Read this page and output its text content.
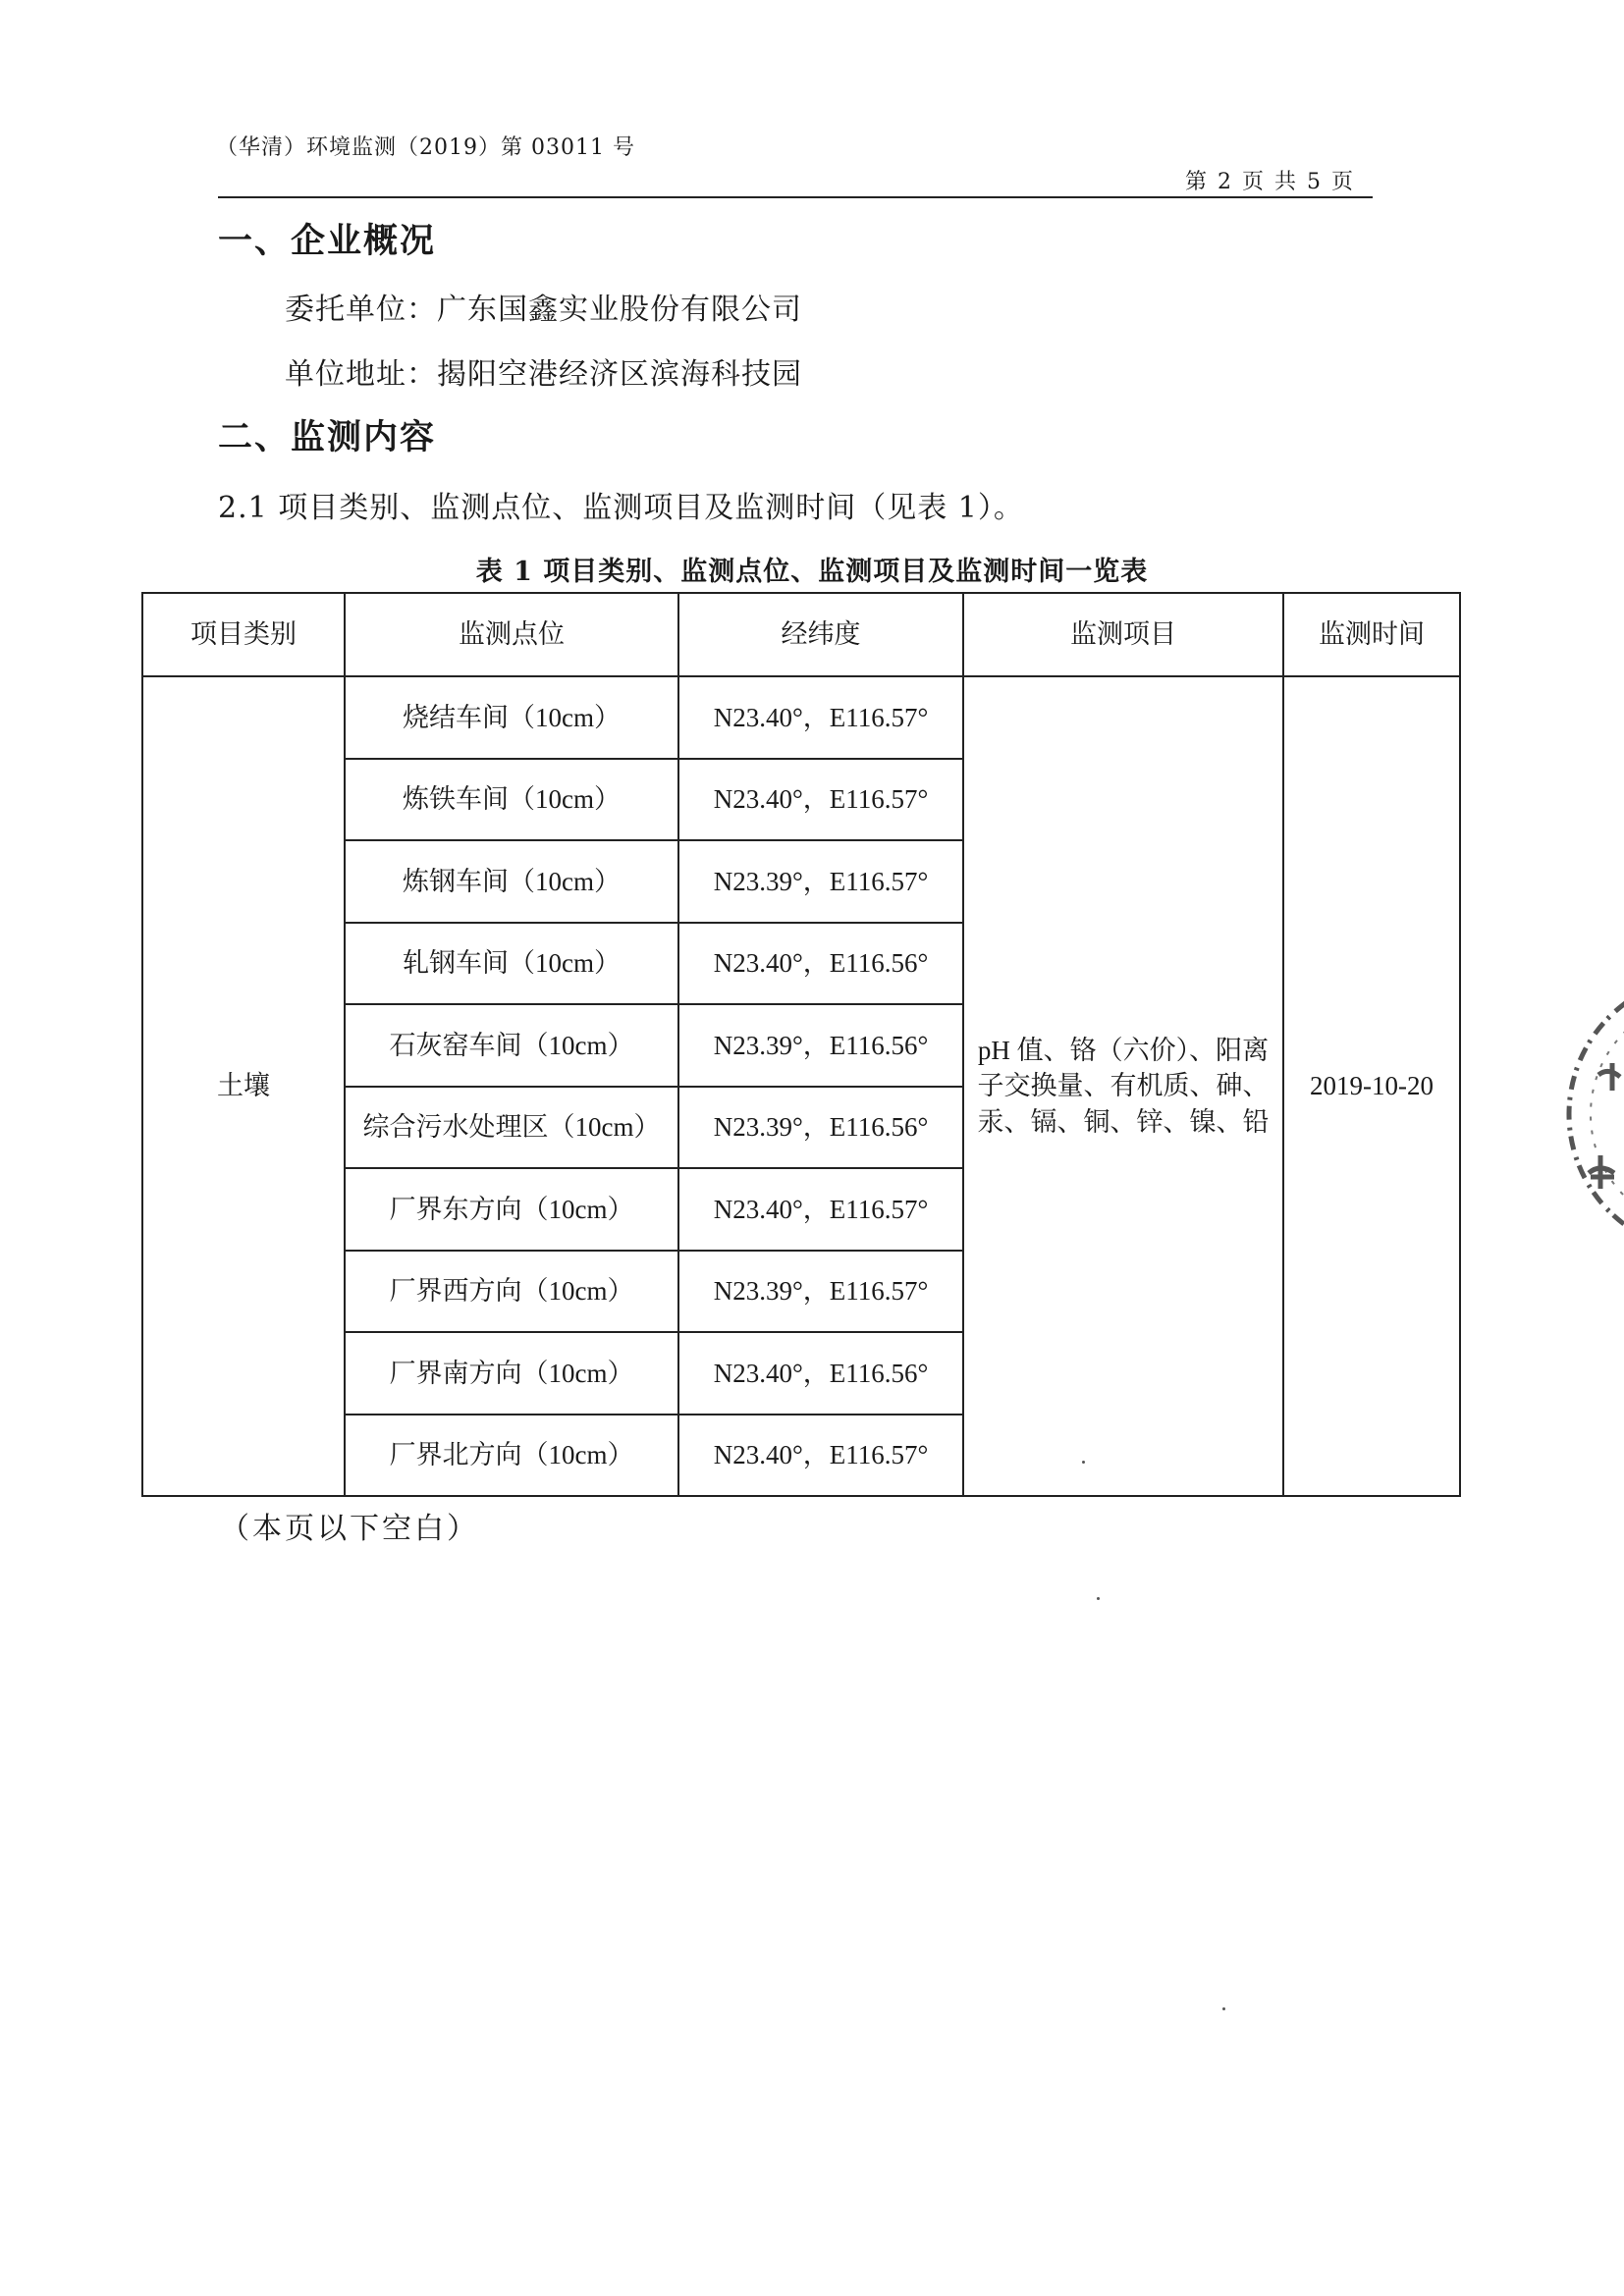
（华清）环境监测（2019）第 03011 号
第 2 页 共 5 页
一、企业概况
委托单位：广东国鑫实业股份有限公司
单位地址：揭阳空港经济区滨海科技园
二、监测内容
2.1 项目类别、监测点位、监测项目及监测时间（见表 1）。
表 1 项目类别、监测点位、监测项目及监测时间一览表
项目类别	监测点位	经纬度	监测项目	监测时间
土壤	烧结车间（10cm）	N23.40°，E116.57°	pH 值、铬（六价）、阳离子交换量、有机质、砷、汞、镉、铜、锌、镍、铅	2019-10-20
	炼铁车间（10cm）	N23.40°，E116.57°		
	炼钢车间（10cm）	N23.39°，E116.57°		
	轧钢车间（10cm）	N23.40°，E116.56°		
	石灰窑车间（10cm）	N23.39°，E116.56°		
	综合污水处理区（10cm）	N23.39°，E116.56°		
	厂界东方向（10cm）	N23.40°，E116.57°		
	厂界西方向（10cm）	N23.39°，E116.57°		
	厂界南方向（10cm）	N23.40°，E116.56°		
	厂界北方向（10cm）	N23.40°，E116.57°		
（本页以下空白）
